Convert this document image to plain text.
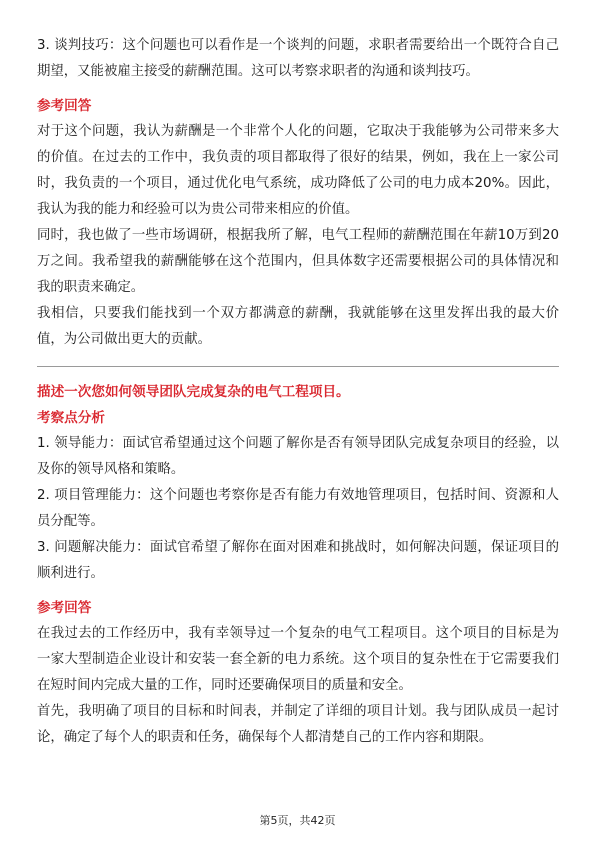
3. 谈判技巧：这个问题也可以看作是一个谈判的问题，求职者需要给出一个既符合自己期望，又能被雇主接受的薪酬范围。这可以考察求职者的沟通和谈判技巧。

参考回答

对于这个问题，我认为薪酬是一个非常个人化的问题，它取决于我能够为公司带来多大的价值。在过去的工作中，我负责的项目都取得了很好的结果，例如，我在上一家公司时，我负责的一个项目，通过优化电气系统，成功降低了公司的电力成本20%。因此，我认为我的能力和经验可以为贵公司带来相应的价值。

同时，我也做了一些市场调研，根据我所了解，电气工程师的薪酬范围在年薪10万到20万之间。我希望我的薪酬能够在这个范围内，但具体数字还需要根据公司的具体情况和我的职责来确定。

我相信，只要我们能找到一个双方都满意的薪酬，我就能够在这里发挥出我的最大价值，为公司做出更大的贡献。

描述一次您如何领导团队完成复杂的电气工程项目。

考察点分析

1. 领导能力：面试官希望通过这个问题了解你是否有领导团队完成复杂项目的经验，以及你的领导风格和策略。

2. 项目管理能力：这个问题也考察你是否有能力有效地管理项目，包括时间、资源和人员分配等。

3. 问题解决能力：面试官希望了解你在面对困难和挑战时，如何解决问题，保证项目的顺利进行。

参考回答

在我过去的工作经历中，我有幸领导过一个复杂的电气工程项目。这个项目的目标是为一家大型制造企业设计和安装一套全新的电力系统。这个项目的复杂性在于它需要我们在短时间内完成大量的工作，同时还要确保项目的质量和安全。

首先，我明确了项目的目标和时间表，并制定了详细的项目计划。我与团队成员一起讨论，确定了每个人的职责和任务，确保每个人都清楚自己的工作内容和期限。

第5页，共42页
